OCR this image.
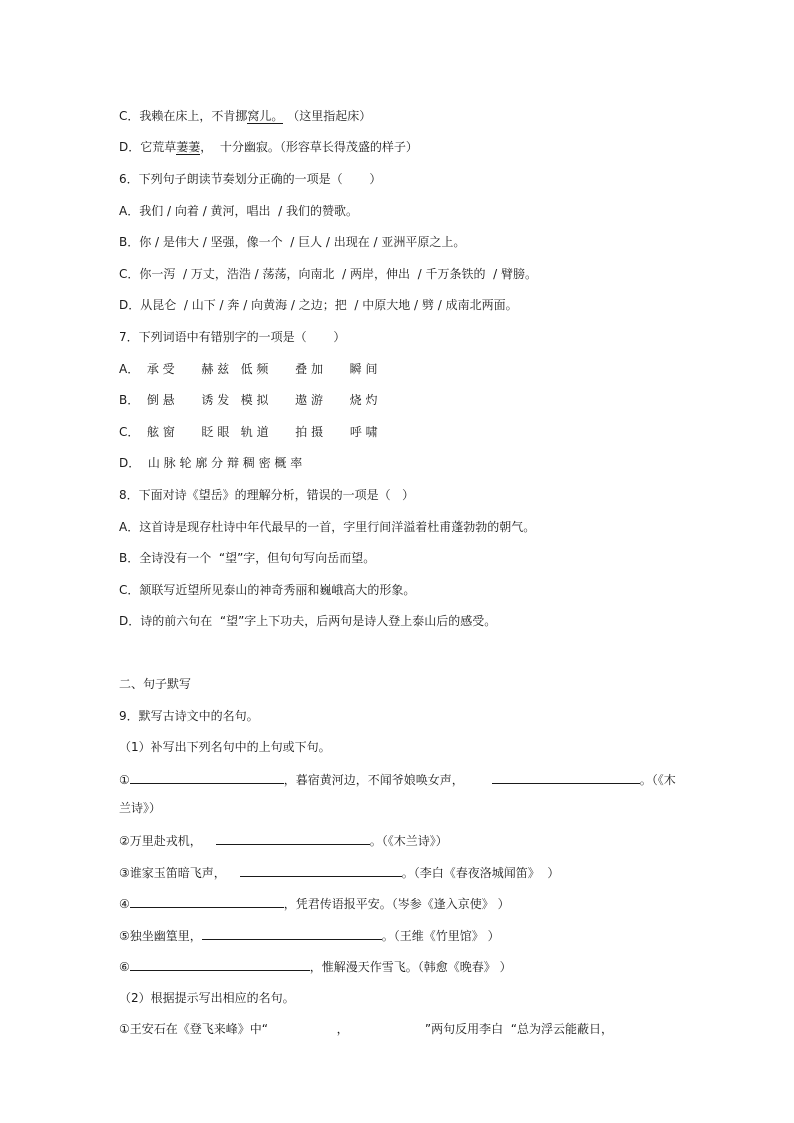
C．我赖在床上，不肯挪窝儿。 （这里指起床）
D．它荒草萋萋，  十分幽寂。（形容草长得茂盛的样子）
6．下列句子朗读节奏划分正确的一项是（       ）
A．我们 / 向着 / 黄河，唱出  / 我们的赞歌。
B．你 / 是伟大 / 坚强，像一个  / 巨人 / 出现在 / 亚洲平原之上。
C．你一泻  / 万丈，浩浩 / 荡荡，向南北  / 两岸，伸出  / 千万条铁的  / 臂膀。
D．从昆仑  / 山下 / 奔 / 向黄海 / 之边；把  / 中原大地 / 劈 / 成南北两面。
7．下列词语中有错别字的一项是（       ）
A．  承 受       赫 兹   低 频       叠 加       瞬 间
B．  倒 悬       诱 发   模 拟       遨 游       烧 灼
C．  舷 窗       眨 眼   轨 道       拍 摄       呼 啸
D．  山 脉 轮 廓 分 辩 稠 密 概 率
8．下面对诗《望岳》的理解分析，错误的一项是（   ）
A．这首诗是现存杜诗中年代最早的一首，字里行间洋溢着杜甫蓬勃勃的朝气。
B．全诗没有一个  “望”字，但句句写向岳而望。
C．颔联写近望所见泰山的神奇秀丽和巍峨高大的形象。
D．诗的前六句在  “望”字上下功夫，后两句是诗人登上泰山后的感受。
二、句子默写
9．默写古诗文中的名句。
（1）补写出下列名句中的上句或下句。
①	，暮宿黄河边，不闻爷娘唤女声，	。（《木
兰诗》）
②万里赴戎机，	。（《木兰诗》）
③谁家玉笛暗飞声，	。（李白《春夜洛城闻笛》  ）
④	，凭君传语报平安。（岑参《逢入京使》 ）
⑤独坐幽篁里，	。（王维《竹里馆》 ）
⑥	，惟解漫天作雪飞。（韩愈《晚春》 ）
（2）根据提示写出相应的名句。
①王安石在《登飞来峰》中“                  ，                    ”两句反用李白  “总为浮云能蔽日，
